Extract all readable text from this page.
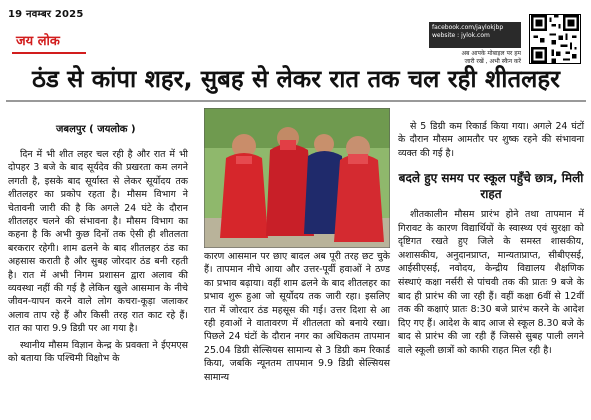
19 नवम्बर 2025
जय लोक
facebook.com/jaylokjbp
website : jylok.com
अब आपके मोबाइल पर हम
जारी रखें , अभी स्कैन करें
ठंड से कांपा शहर, सुबह से लेकर रात तक चल रही शीतलहर
जबलपुर ( जयलोक )

दिन में भी शीत लहर चल रही है और रात में भी दोपहर 3 बजे के बाद सूर्यदेव की प्रखरता कम लगने लगती है, इसके बाद सूर्यास्त से लेकर सूर्योदय तक शीतलहर का प्रकोप रहता है। मौसम विभाग ने चेतावनी जारी की है कि अगले 24 घंटे के दौरान शीतलहर चलने की संभावना है। मौसम विभाग का कहना है कि अभी कुछ दिनों तक ऐसी ही शीतलता बरकरार रहेगी। शाम ढलने के बाद शीतलहर ठंड का अहसास कराती है और सुबह जोरदार ठंड बनी रहती है। रात में अभी निगम प्रशासन द्वारा अलाव की व्यवस्था नहीं की गई है लेकिन खुले आसमान के नीचे जीवन-यापन करने वाले लोग कचरा-कूड़ा जलाकर अलाव ताप रहे हैं और किसी तरह रात काट रहे हैं। रात का पारा 9.9 डिग्री पर आ गया है।

स्थानीय मौसम विज्ञान केन्द्र के प्रवक्ता ने ईएमएस को बताया कि पश्चिमी विक्षोभ के

कारण आसमान पर छाए बादल अब पूरी तरह छट चुके हैं। तापमान नीचे आया और उत्तर-पूर्वी हवाओं ने ठण्ड का प्रभाव बढ़ाया। वहीं शाम ढलने के बाद शीतलहर का प्रभाव शुरू हुआ जो सूर्योदय तक जारी रहा। इसलिए रात में जोरदार ठंड महसूस की गई। उत्तर दिशा से आ रही हवाओं ने वातावरण में शीतलता को बनाये रखा। पिछले 24 घंटों के दौरान नगर का अधिकतम तापमान 25.04 डिग्री सेल्सियस सामान्य से 3 डिग्री कम रिकार्ड किया, जबकि न्यूनतम तापमान 9.9 डिग्री सेल्सियस सामान्य

से 5 डिग्री कम रिकार्ड किया गया। अगले 24 घंटों के दौरान मौसम आमतौर पर शुष्क रहने की संभावना व्यक्त की गई है।

बदले हुए समय पर स्कूल पहुँचे छात्र, मिली राहत

शीतकालीन मौसम प्रारंभ होने तथा तापमान में गिरावट के कारण विद्यार्थियों के स्वास्थ्य एवं सुरक्षा को दृष्टिगत रखते हुए जिले के समस्त शासकीय, अशासकीय, अनुदानप्राप्त, मान्यताप्राप्त, सीबीएसई, आईसीएसई, नवोदय, केन्द्रीय विद्यालय शैक्षणिक संस्थाएं कक्षा नर्सरी से पांचवी तक की प्रातः 9 बजे के बाद ही प्रारंभ की जा रही हैं। वहीं कक्षा 6वीं से 12वीं तक की कक्षाएं प्रातः 8:30 बजे प्रारंभ करने के आदेश दिए गए हैं। आदेश के बाद आज से स्कूल 8.30 बजे के बाद से प्रारंभ की जा रही हैं जिससे सुबह पाली लगने वाले स्कूली छात्रों को काफी राहत मिल रही है।
